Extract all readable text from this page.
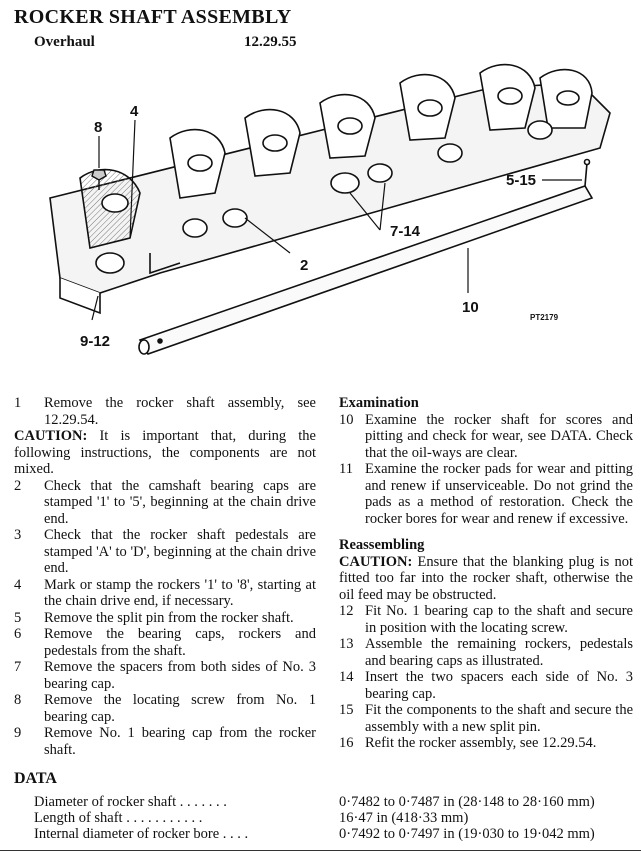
ROCKER SHAFT ASSEMBLY
Overhaul	12.29.55
8
4
2
7-14
5-15
10
9-12
PT2179
1	Remove the rocker shaft assembly, see 12.29.54.
CAUTION: It is important that, during the following instructions, the components are not mixed.
2	Check that the camshaft bearing caps are stamped '1' to '5', beginning at the chain drive end.
3	Check that the rocker shaft pedestals are stamped 'A' to 'D', beginning at the chain drive end.
4	Mark or stamp the rockers '1' to '8', starting at the chain drive end, if necessary.
5	Remove the split pin from the rocker shaft.
6	Remove the bearing caps, rockers and pedestals from the shaft.
7	Remove the spacers from both sides of No. 3 bearing cap.
8	Remove the locating screw from No. 1 bearing cap.
9	Remove No. 1 bearing cap from the rocker shaft.
Examination
10 Examine the rocker shaft for scores and pitting and check for wear, see DATA. Check that the oil-ways are clear.
11 Examine the rocker pads for wear and pitting and renew if unserviceable. Do not grind the pads as a method of restoration. Check the rocker bores for wear and renew if excessive.
Reassembling
CAUTION: Ensure that the blanking plug is not fitted too far into the rocker shaft, otherwise the oil feed may be obstructed.
12 Fit No. 1 bearing cap to the shaft and secure in position with the locating screw.
13 Assemble the remaining rockers, pedestals and bearing caps as illustrated.
14 Insert the two spacers each side of No. 3 bearing cap.
15 Fit the components to the shaft and secure the assembly with a new split pin.
16 Refit the rocker assembly, see 12.29.54.
DATA
Diameter of rocker shaft . . . . . . .	0·7482 to 0·7487 in (28·148 to 28·160 mm)
Length of shaft . . . . . . . . . . .	16·47 in (418·33 mm)
Internal diameter of rocker bore . . . .	0·7492 to 0·7497 in (19·030 to 19·042 mm)
